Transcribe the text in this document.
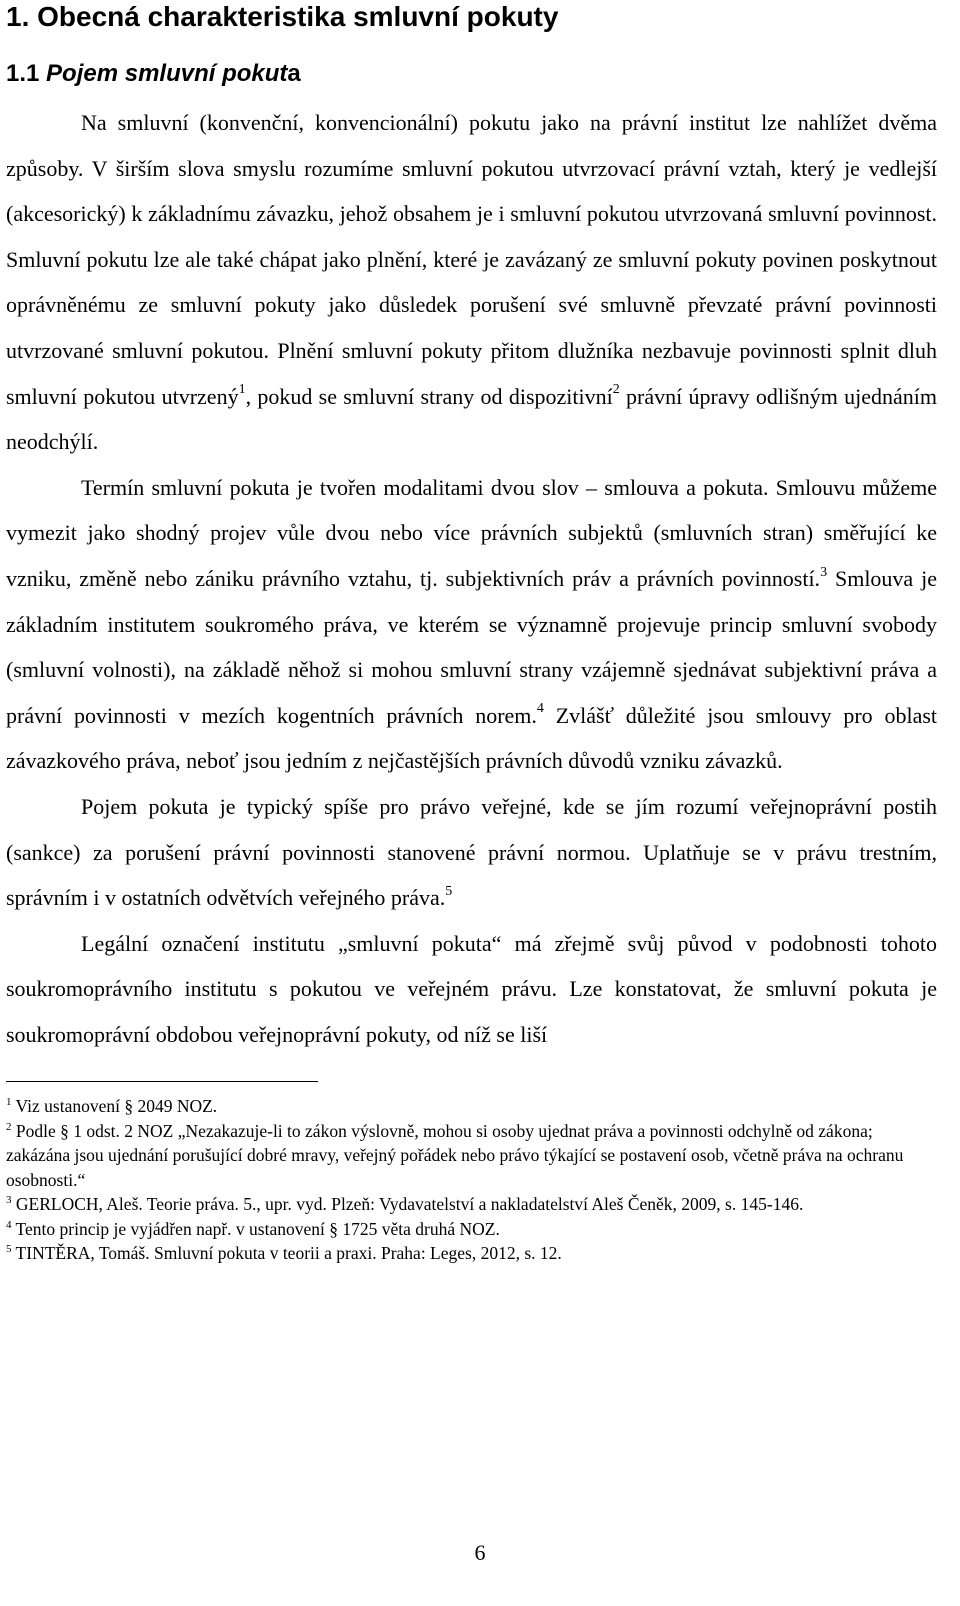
1. Obecná charakteristika smluvní pokuty
1.1 Pojem smluvní pokuta

Na smluvní (konvenční, konvencionální) pokutu jako na právní institut lze nahlížet dvěma způsoby. V širším slova smyslu rozumíme smluvní pokutou utvrzovací právní vztah, který je vedlejší (akcesorický) k základnímu závazku, jehož obsahem je i smluvní pokutou utvrzovaná smluvní povinnost. Smluvní pokutu lze ale také chápat jako plnění, které je zavázaný ze smluvní pokuty povinen poskytnout oprávněnému ze smluvní pokuty jako důsledek porušení své smluvně převzaté právní povinnosti utvrzované smluvní pokutou. Plnění smluvní pokuty přitom dlužníka nezbavuje povinnosti splnit dluh smluvní pokutou utvrzený$^1$, pokud se smluvní strany od dispozitivní$^2$ právní úpravy odlišným ujednáním neodchýlí.

Termín smluvní pokuta je tvořen modalitami dvou slov – smlouva a pokuta. Smlouvu můžeme vymezit jako shodný projev vůle dvou nebo více právních subjektů (smluvních stran) směřující ke vzniku, změně nebo zániku právního vztahu, tj. subjektivních práv a právních povinností.$^3$ Smlouva je základním institutem soukromého práva, ve kterém se významně projevuje princip smluvní svobody (smluvní volnosti), na základě něhož si mohou smluvní strany vzájemně sjednávat subjektivní práva a právní povinnosti v mezích kogentních právních norem.$^4$ Zvlášť důležité jsou smlouvy pro oblast závazkového práva, neboť jsou jedním z nejčastějších právních důvodů vzniku závazků.

Pojem pokuta je typický spíše pro právo veřejné, kde se jím rozumí veřejnoprávní postih (sankce) za porušení právní povinnosti stanovené právní normou. Uplatňuje se v právu trestním, správním i v ostatních odvětvích veřejného práva.$^5$

Legální označení institutu „smluvní pokuta“ má zřejmě svůj původ v podobnosti tohoto soukromoprávního institutu s pokutou ve veřejném právu. Lze konstatovat, že smluvní pokuta je soukromoprávní obdobou veřejnoprávní pokuty, od níž se liší

$^1$ Viz ustanovení § 2049 NOZ.

$^2$ Podle § 1 odst. 2 NOZ „Nezakazuje-li to zákon výslovně, mohou si osoby ujednat práva a povinnosti odchylně od zákona; zakázána jsou ujednání porušující dobré mravy, veřejný pořádek nebo právo týkající se postavení osob, včetně práva na ochranu osobnosti.“

$^3$ GERLOCH, Aleš. Teorie práva. 5., upr. vyd. Plzeň: Vydavatelství a nakladatelství Aleš Čeněk, 2009, s. 145-146.

$^4$ Tento princip je vyjádřen např. v ustanovení § 1725 věta druhá NOZ.

$^5$ TINTĚRA, Tomáš. Smluvní pokuta v teorii a praxi. Praha: Leges, 2012, s. 12.

6
